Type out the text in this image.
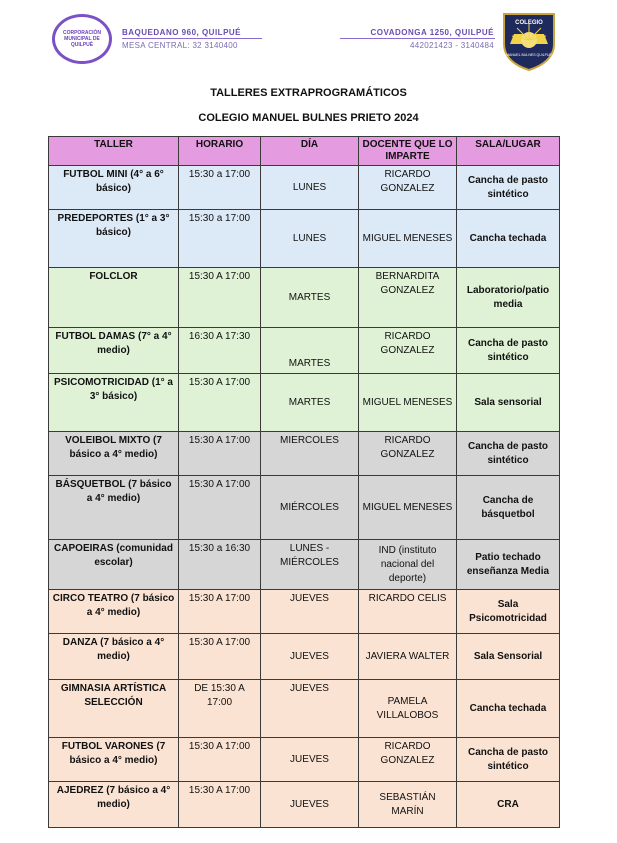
CORPORACIÓN MUNICIPAL DE QUILPUÉ
BAQUEDANO 960, QUILPUÉ
MESA CENTRAL: 32 3140400
COVADONGA 1250, QUILPUÉ
442021423 - 3140484
COLEGIO
MANUEL BULNES QUILPUÉ
TALLERES EXTRAPROGRAMÁTICOS
COLEGIO MANUEL BULNES PRIETO 2024
TALLER	HORARIO	DÍA	DOCENTE QUE LO IMPARTE	SALA/LUGAR
FUTBOL MINI (4° a 6° básico)	15:30 a 17:00	LUNES	RICARDO GONZALEZ	Cancha de pasto sintético
PREDEPORTES (1° a 3° básico)	15:30 a 17:00	LUNES	MIGUEL MENESES	Cancha techada
FOLCLOR	15:30 A 17:00	MARTES	BERNARDITA GONZALEZ	Laboratorio/patio media
FUTBOL DAMAS (7° a 4° medio)	16:30 A 17:30	MARTES	RICARDO GONZALEZ	Cancha de pasto sintético
PSICOMOTRICIDAD (1° a 3° básico)	15:30 A 17:00	MARTES	MIGUEL MENESES	Sala sensorial
VOLEIBOL MIXTO (7 básico a 4° medio)	15:30 A 17:00	MIERCOLES	RICARDO GONZALEZ	Cancha de pasto sintético
BÁSQUETBOL (7 básico a 4° medio)	15:30 A 17:00	MIÉRCOLES	MIGUEL MENESES	Cancha de básquetbol
CAPOEIRAS (comunidad escolar)	15:30 a 16:30	LUNES - MIÉRCOLES	IND (instituto nacional del deporte)	Patio techado enseñanza Media
CIRCO TEATRO (7 básico a 4° medio)	15:30 A 17:00	JUEVES	RICARDO CELIS	Sala Psicomotricidad
DANZA (7 básico a 4° medio)	15:30 A 17:00	JUEVES	JAVIERA WALTER	Sala Sensorial
GIMNASIA ARTÍSTICA SELECCIÓN	DE 15:30 A 17:00	JUEVES	PAMELA VILLALOBOS	Cancha techada
FUTBOL VARONES (7 básico a 4° medio)	15:30 A 17:00	JUEVES	RICARDO GONZALEZ	Cancha de pasto sintético
AJEDREZ (7 básico a 4° medio)	15:30 A 17:00	JUEVES	SEBASTIÁN MARÍN	CRA
